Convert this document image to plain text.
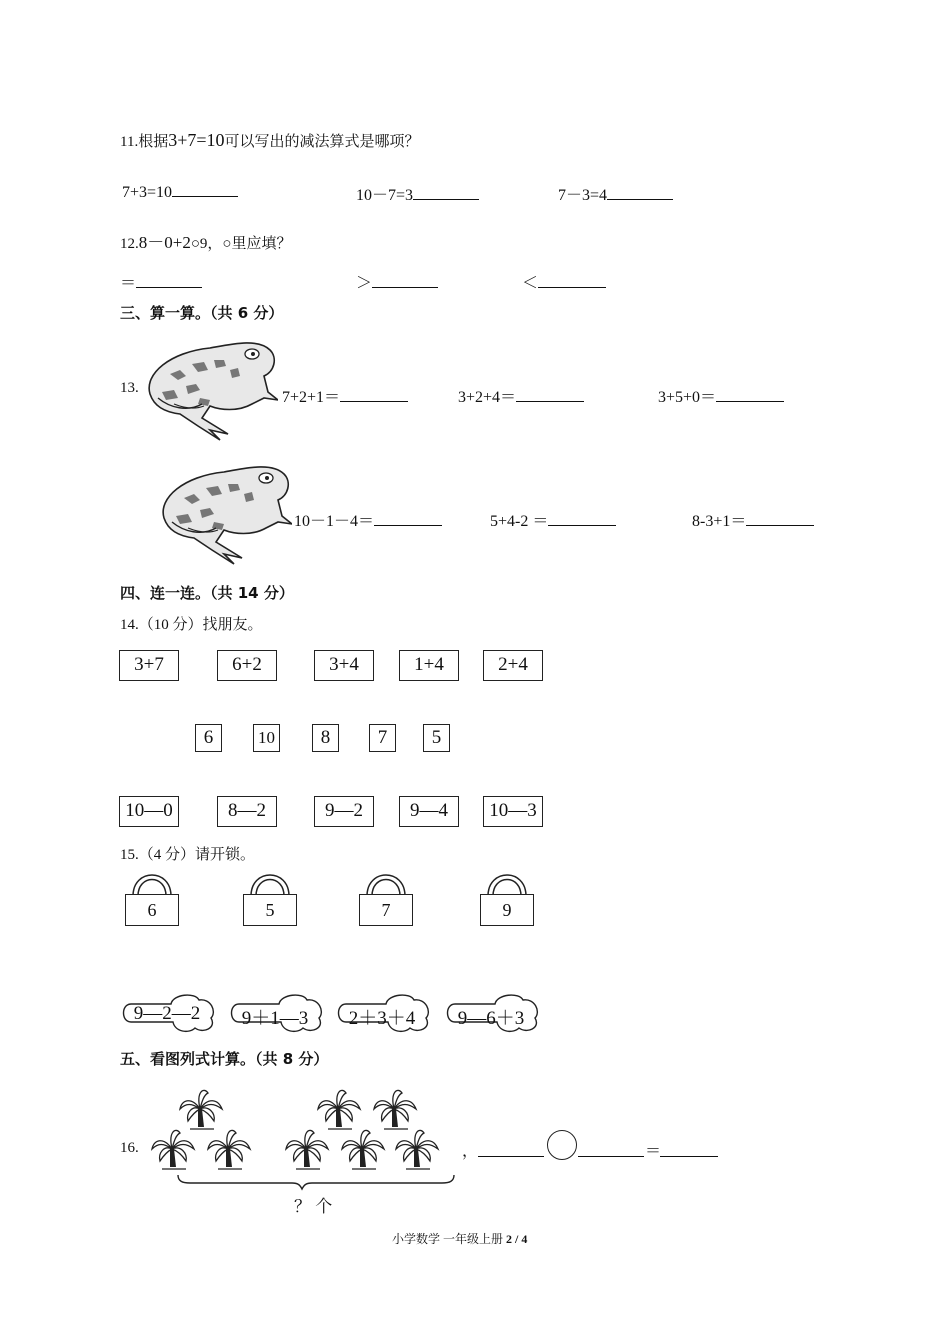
11.根据3+7=10可以写出的减法算式是哪项？
7+3=10	10－7=3	7－3=4
12.8－0+2○9，○里应填？
＝	＞	＜
三、算一算。（共 6 分）
13.
7+2+1＝	3+2+4＝	3+5+0＝
10－1－4＝	5+4-2 ＝	8-3+1＝
四、连一连。（共 14 分）
14.（10 分）找朋友。
3+7	6+2	3+4	1+4	2+4
6	10	8	7	5
10—0	8—2	9—2	9—4	10—3
15.（4 分）请开锁。
6	5	7	9
9—2—2	9＋1—3	2＋3＋4	9—6＋3
五、看图列式计算。（共 8 分）
16.
？ 个
，	＝
小学数学 一年级上册 2 / 4
